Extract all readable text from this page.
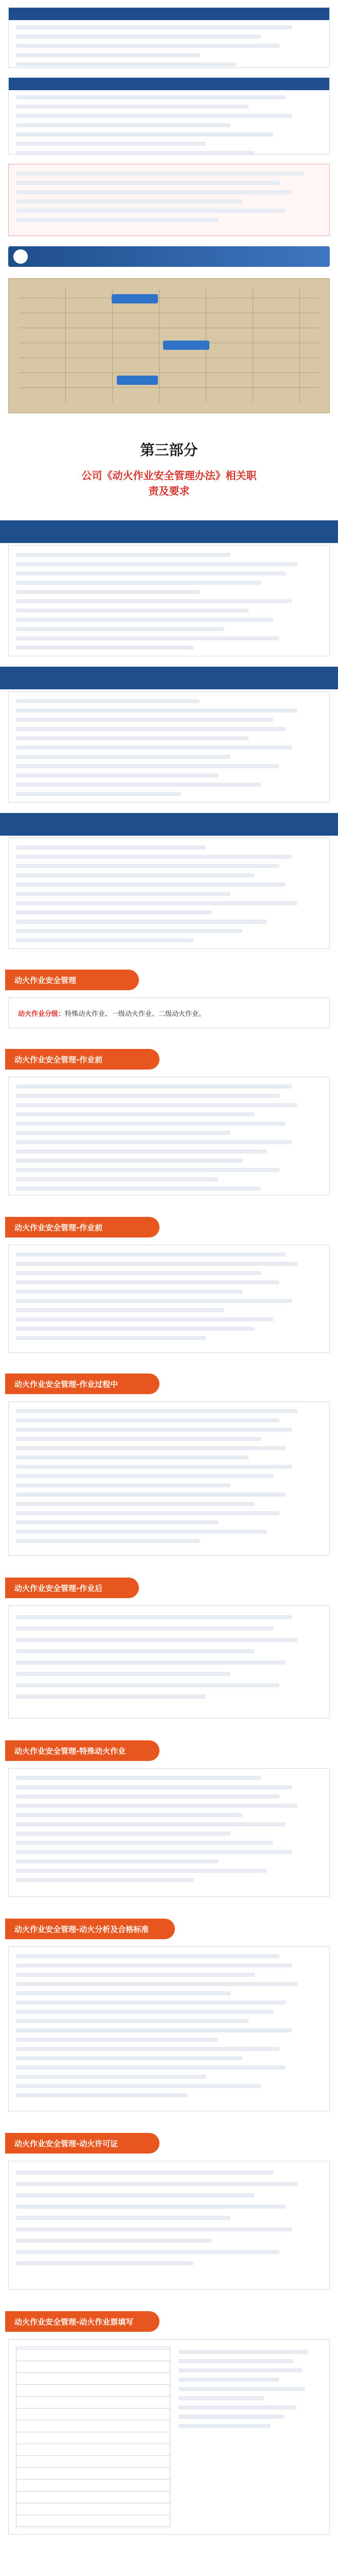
第三部分
公司《动火作业安全管理办法》相关职
责及要求
动火作业安全管理
动火作业分级： 特殊动火作业、一级动火作业、二级动火作业。
动火作业安全管理-作业前
动火作业安全管理-作业前
动火作业安全管理-作业过程中
动火作业安全管理-作业后
动火作业安全管理-特殊动火作业
动火作业安全管理-动火分析及合格标准
动火作业安全管理-动火许可证
动火作业安全管理-动火作业票填写
